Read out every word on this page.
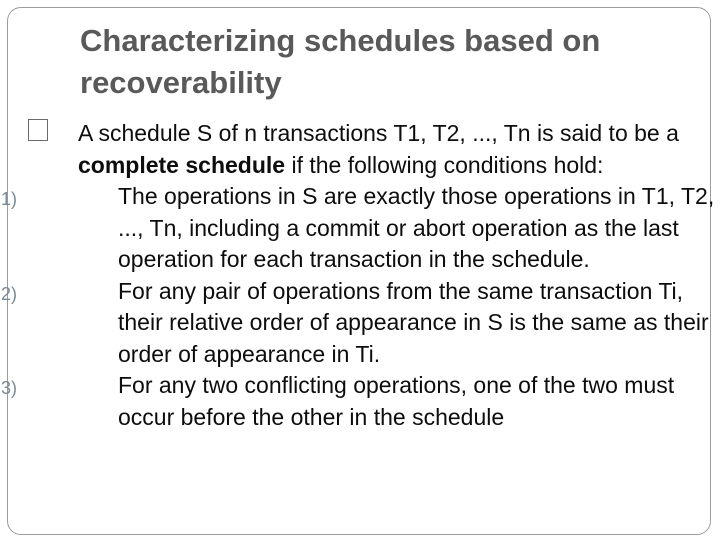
Characterizing schedules based on recoverability

A schedule S of n transactions T1, T2, ..., Tn is said to be a complete schedule if the following conditions hold:

1)	The operations in S are exactly those operations in T1, T2, ..., Tn, including a commit or abort operation as the last operation for each transaction in the schedule.

2)	For any pair of operations from the same transaction Ti, their relative order of appearance in S is the same as their order of appearance in Ti.

3)	For any two conflicting operations, one of the two must occur before the other in the schedule
